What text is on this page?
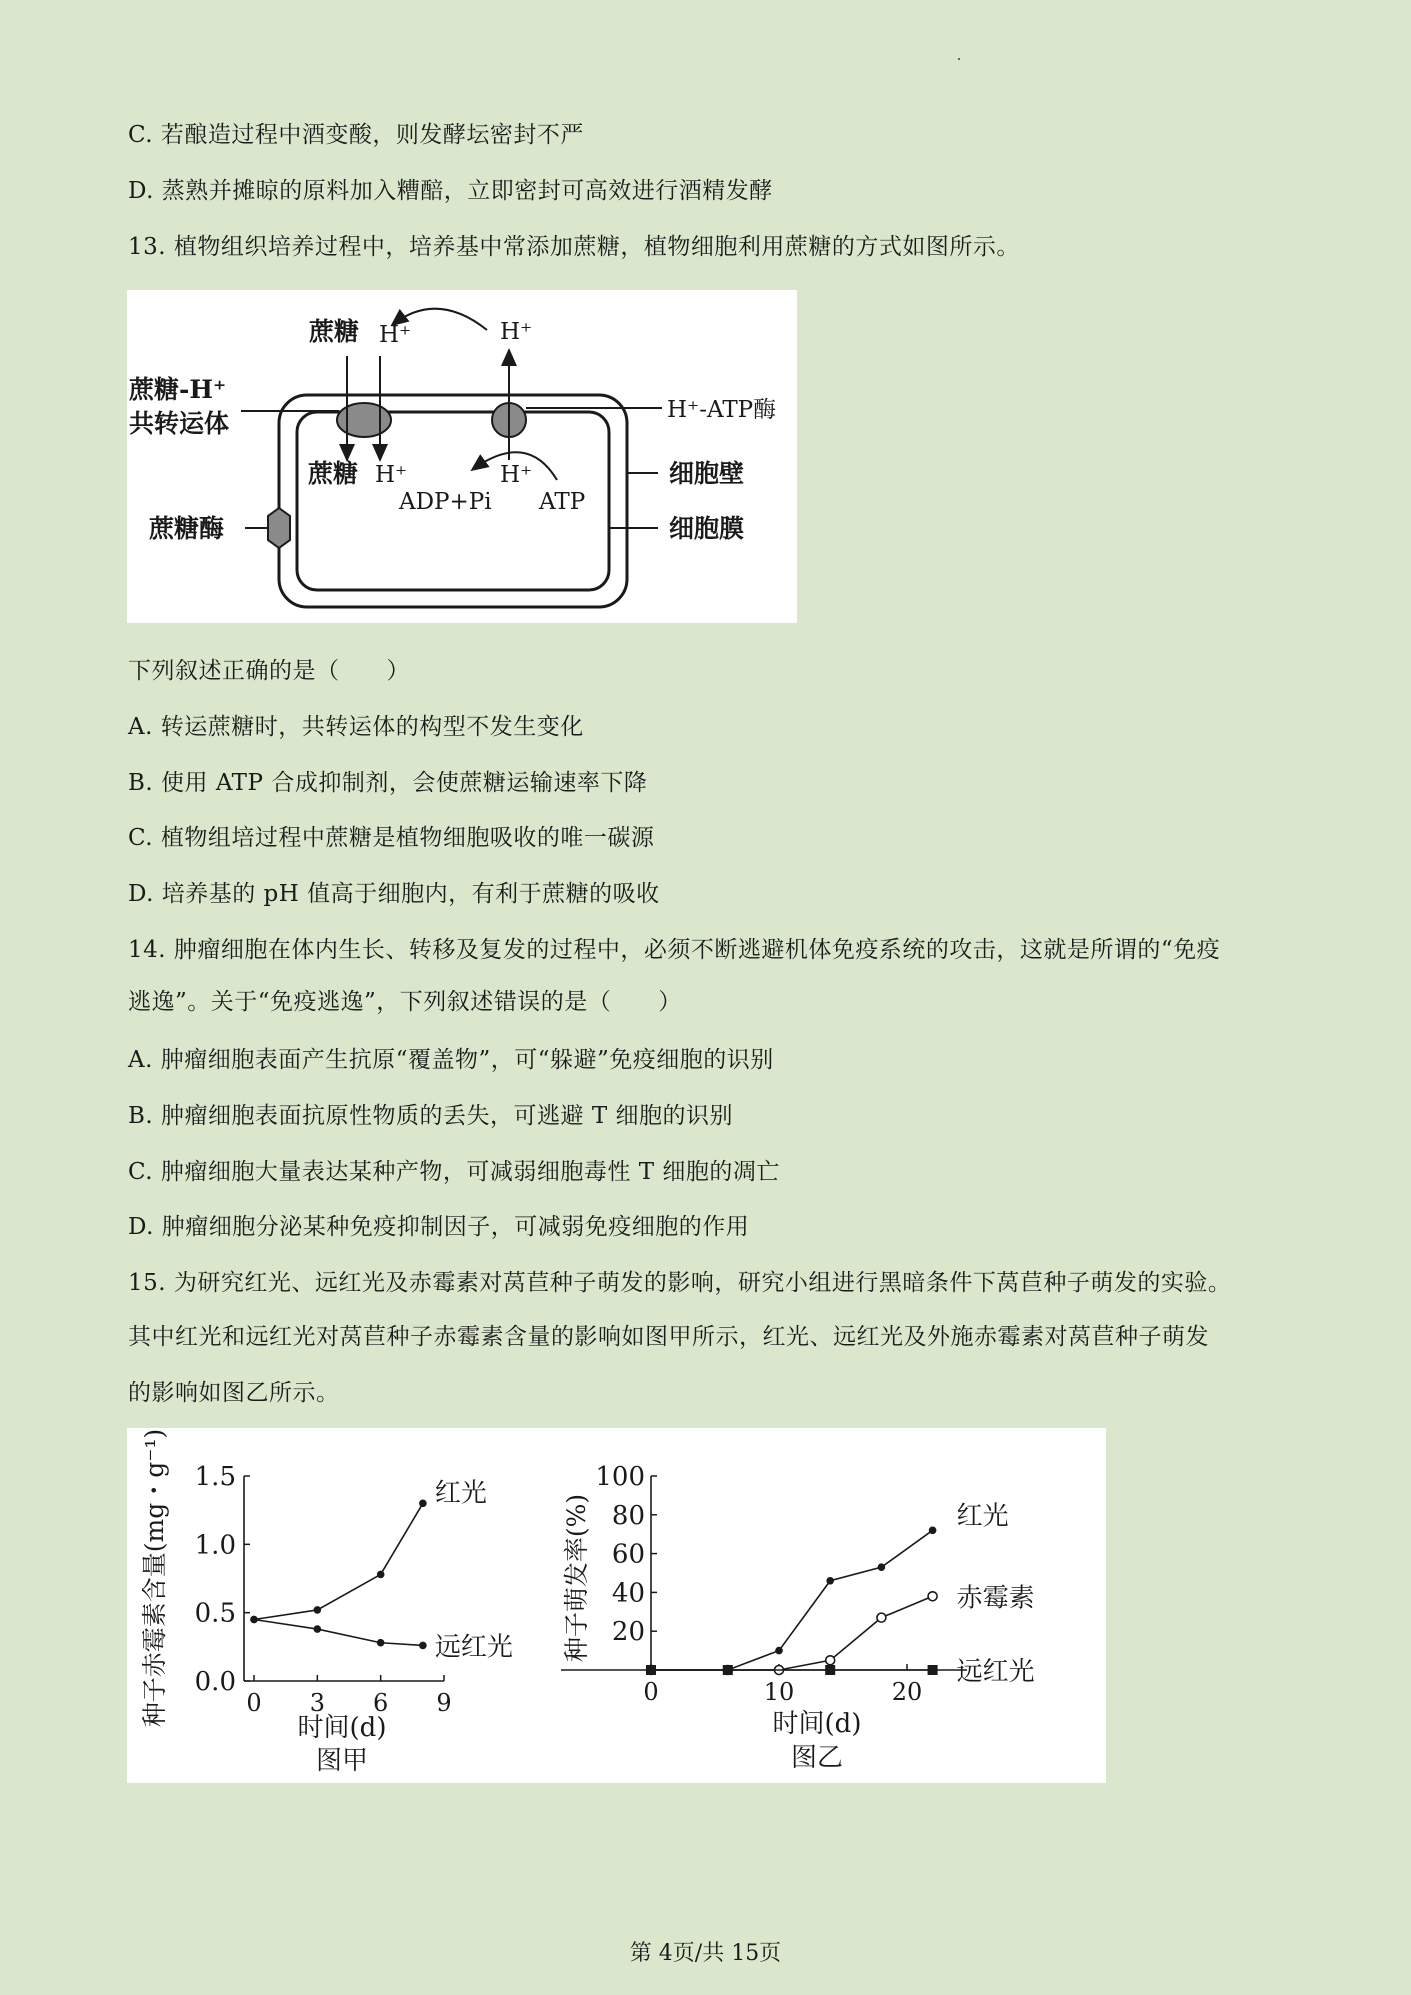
C. 若酿造过程中酒变酸，则发酵坛密封不严
D. 蒸熟并摊晾的原料加入糟醅，立即密封可高效进行酒精发酵
13. 植物组织培养过程中，培养基中常添加蔗糖，植物细胞利用蔗糖的方式如图所示。
蔗糖 H⁺	H⁺
蔗糖-H⁺
共转运体	H⁺-ATP酶
蔗糖 H⁺	H⁺
ADP+Pi ATP
细胞壁
细胞膜
蔗糖酶
下列叙述正确的是（　　）
A. 转运蔗糖时，共转运体的构型不发生变化
B. 使用 ATP 合成抑制剂，会使蔗糖运输速率下降
C. 植物组培过程中蔗糖是植物细胞吸收的唯一碳源
D. 培养基的 pH 值高于细胞内，有利于蔗糖的吸收
14. 肿瘤细胞在体内生长、转移及复发的过程中，必须不断逃避机体免疫系统的攻击，这就是所谓的“免疫
逃逸”。关于“免疫逃逸”，下列叙述错误的是（　　）
A. 肿瘤细胞表面产生抗原“覆盖物”，可“躲避”免疫细胞的识别
B. 肿瘤细胞表面抗原性物质的丢失，可逃避 T 细胞的识别
C. 肿瘤细胞大量表达某种产物，可减弱细胞毒性 T 细胞的凋亡
D. 肿瘤细胞分泌某种免疫抑制因子，可减弱免疫细胞的作用
15. 为研究红光、远红光及赤霉素对莴苣种子萌发的影响，研究小组进行黑暗条件下莴苣种子萌发的实验。
其中红光和远红光对莴苣种子赤霉素含量的影响如图甲所示，红光、远红光及外施赤霉素对莴苣种子萌发
的影响如图乙所示。
0.0
0.5
1.0
1.5
0 3 6 9
时间(d)
图甲
种子赤霉素含量(mg・g⁻¹)	红光
远红光
20
40
60
80
100
0	10	20
时间(d)
图乙
种子萌发率(%)	红光
赤霉素
远红光
第 4页/共 15页
